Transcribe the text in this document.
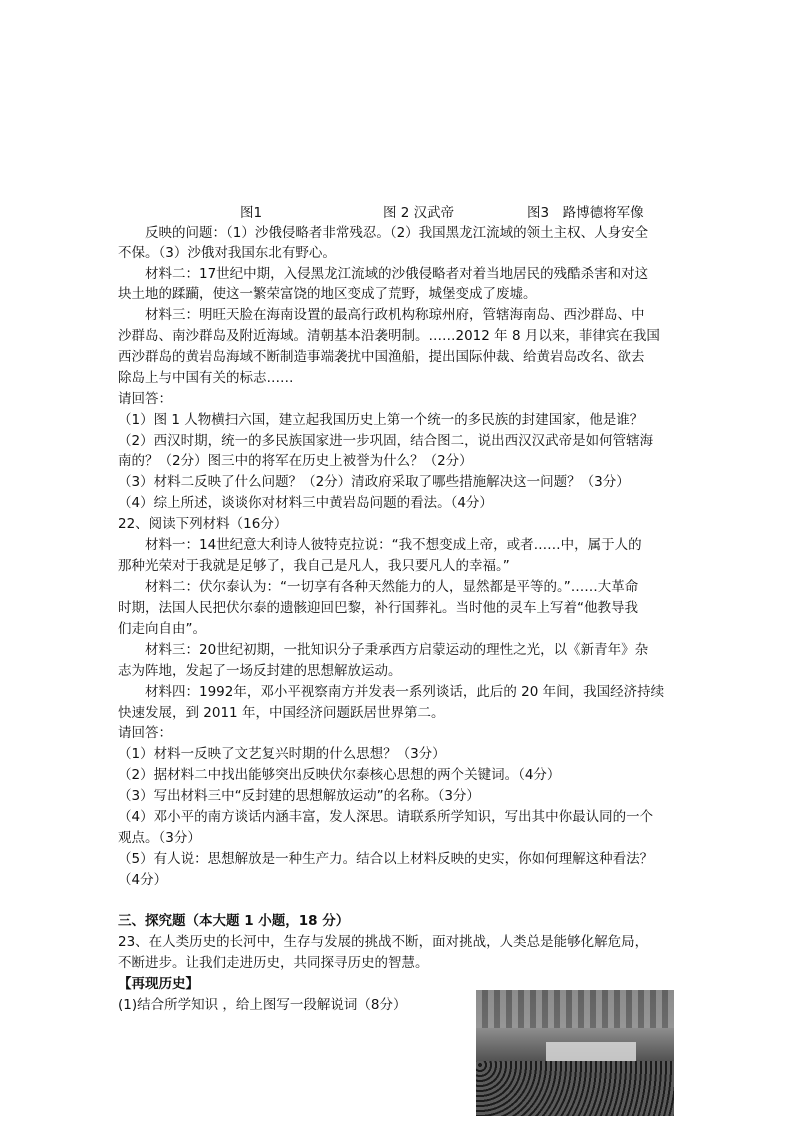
图1	图 2 汉武帝	图3　路博德将军像
反映的问题：（1）沙俄侵略者非常残忍。（2）我国黑龙江流域的领土主权、人身安全
不保。（3）沙俄对我国东北有野心。
材料二：17世纪中期，入侵黑龙江流域的沙俄侵略者对着当地居民的残酷杀害和对这
块土地的蹂躏，使这一繁荣富饶的地区变成了荒野，城堡变成了废墟。
材料三：明旺天脸在海南设置的最高行政机构称琼州府，管辖海南岛、西沙群岛、中
沙群岛、南沙群岛及附近海域。清朝基本沿袭明制。……2012 年 8 月以来，菲律宾在我国
西沙群岛的黄岩岛海域不断制造事端袭扰中国渔船，提出国际仲裁、给黄岩岛改名、欲去
除岛上与中国有关的标志……
请回答：
（1）图 1 人物横扫六国，建立起我国历史上第一个统一的多民族的封建国家，他是谁？
（2）西汉时期，统一的多民族国家进一步巩固，结合图二，说出西汉汉武帝是如何管辖海
南的？（2分）图三中的将军在历史上被誉为什么？（2分）
（3）材料二反映了什么问题？（2分）清政府采取了哪些措施解决这一问题？（3分）
（4）综上所述，谈谈你对材料三中黄岩岛问题的看法。（4分）
22、阅读下列材料（16分）
材料一：14世纪意大利诗人彼特克拉说：“我不想变成上帝，或者……中，属于人的
那种光荣对于我就是足够了，我自己是凡人，我只要凡人的幸福。”
材料二：伏尔泰认为：“一切享有各种天然能力的人，显然都是平等的。”……大革命
时期，法国人民把伏尔泰的遗骸迎回巴黎，补行国葬礼。当时他的灵车上写着“他教导我
们走向自由”。
材料三：20世纪初期，一批知识分子秉承西方启蒙运动的理性之光，以《新青年》杂
志为阵地，发起了一场反封建的思想解放运动。
材料四：1992年，邓小平视察南方并发表一系列谈话，此后的 20 年间，我国经济持续
快速发展，到 2011 年，中国经济问题跃居世界第二。
请回答：
（1）材料一反映了文艺复兴时期的什么思想？（3分）
（2）据材料二中找出能够突出反映伏尔泰核心思想的两个关键词。（4分）
（3）写出材料三中“反封建的思想解放运动”的名称。（3分）
（4）邓小平的南方谈话内涵丰富，发人深思。请联系所学知识，写出其中你最认同的一个
观点。（3分）
（5）有人说：思想解放是一种生产力。结合以上材料反映的史实，你如何理解这种看法？
（4分）
三、探究题（本大题 1 小题，18 分）
23、在人类历史的长河中，生存与发展的挑战不断，面对挑战，人类总是能够化解危局，
不断进步。让我们走进历史，共同探寻历史的智慧。
【再现历史】
(1)结合所学知识 ，给上图写一段解说词（8分）
